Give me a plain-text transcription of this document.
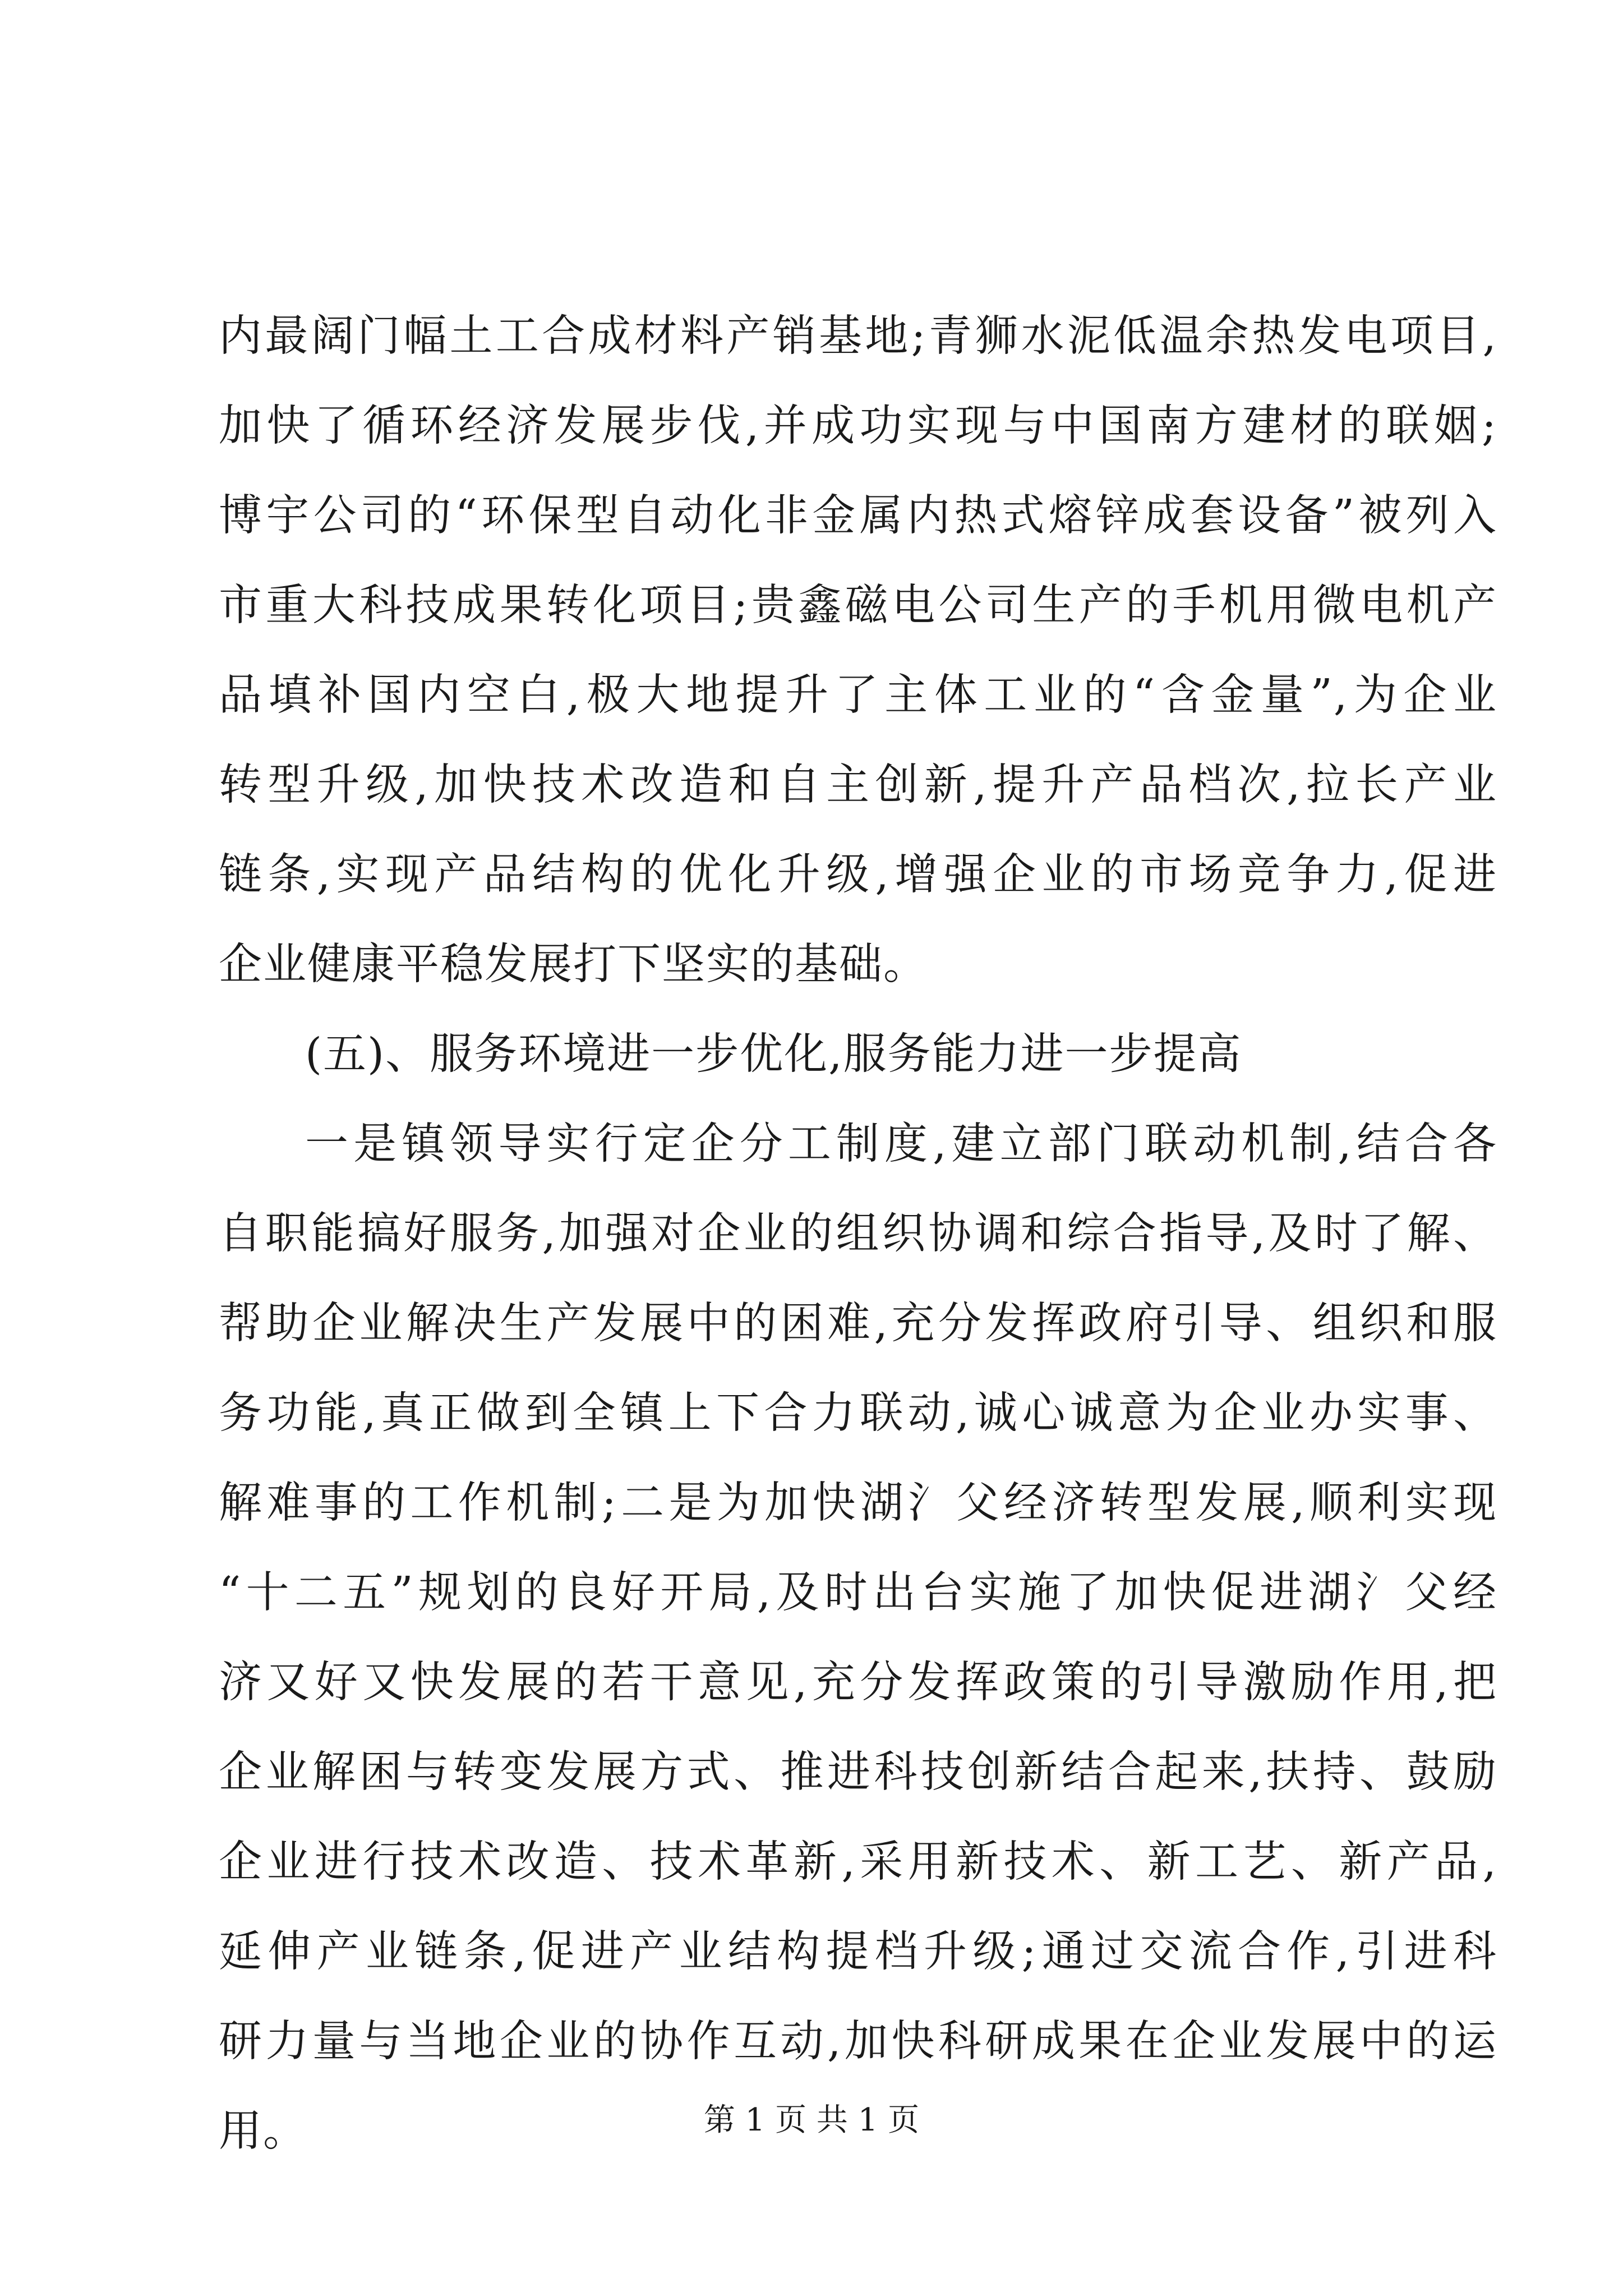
内最阔门幅土工合成材料产销基地;青狮水泥低温余热发电项目,
加快了循环经济发展步伐,并成功实现与中国南方建材的联姻;
博宇公司的“环保型自动化非金属内热式熔锌成套设备”被列入
市重大科技成果转化项目;贵鑫磁电公司生产的手机用微电机产
品填补国内空白,极大地提升了主体工业的“含金量”,为企业
转型升级,加快技术改造和自主创新,提升产品档次,拉长产业
链条,实现产品结构的优化升级,增强企业的市场竞争力,促进
企业健康平稳发展打下坚实的基础。
(五)、服务环境进一步优化,服务能力进一步提高
一是镇领导实行定企分工制度,建立部门联动机制,结合各
自职能搞好服务,加强对企业的组织协调和综合指导,及时了解、
帮助企业解决生产发展中的困难,充分发挥政府引导、组织和服
务功能,真正做到全镇上下合力联动,诚心诚意为企业办实事、
解难事的工作机制;二是为加快湖氵父经济转型发展,顺利实现
“十二五”规划的良好开局,及时出台实施了加快促进湖氵父经
济又好又快发展的若干意见,充分发挥政策的引导激励作用,把
企业解困与转变发展方式、推进科技创新结合起来,扶持、鼓励
企业进行技术改造、技术革新,采用新技术、新工艺、新产品,
延伸产业链条,促进产业结构提档升级;通过交流合作,引进科
研力量与当地企业的协作互动,加快科研成果在企业发展中的运
用。	第 1 页 共 1 页
